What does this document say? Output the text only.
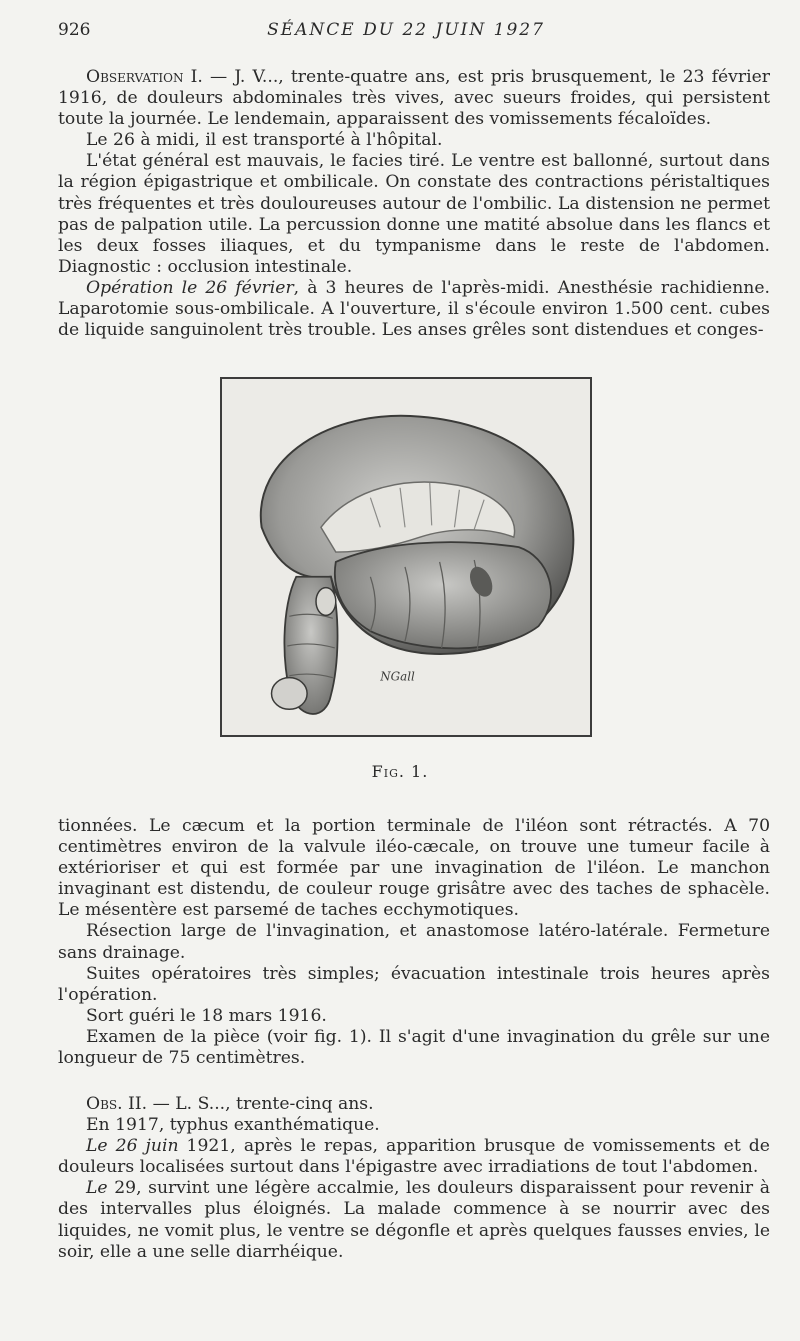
926	SÉANCE DU 22 JUIN 1927

Observation I. — J. V..., trente-quatre ans, est pris brusquement, le 23 février 1916, de douleurs abdominales très vives, avec sueurs froides, qui persistent toute la journée. Le lendemain, apparaissent des vomissements fécaloïdes.

Le 26 à midi, il est transporté à l'hôpital.

L'état général est mauvais, le facies tiré. Le ventre est ballonné, surtout dans la région épigastrique et ombilicale. On constate des contractions péristaltiques très fréquentes et très douloureuses autour de l'ombilic. La distension ne permet pas de palpation utile. La percussion donne une matité absolue dans les flancs et les deux fosses iliaques, et du tympanisme dans le reste de l'abdomen. Diagnostic : occlusion intestinale.

Opération le 26 février, à 3 heures de l'après-midi. Anesthésie rachidienne. Laparotomie sous-ombilicale. A l'ouverture, il s'écoule environ 1.500 cent. cubes de liquide sanguinolent très trouble. Les anses grêles sont distendues et conges-

NGall
Fig. 1.

tionnées. Le cæcum et la portion terminale de l'iléon sont rétractés. A 70 centimètres environ de la valvule iléo-cæcale, on trouve une tumeur facile à extérioriser et qui est formée par une invagination de l'iléon. Le manchon invaginant est distendu, de couleur rouge grisâtre avec des taches de sphacèle. Le mésentère est parsemé de taches ecchymotiques.

Résection large de l'invagination, et anastomose latéro-latérale. Fermeture sans drainage.

Suites opératoires très simples; évacuation intestinale trois heures après l'opération.

Sort guéri le 18 mars 1916.

Examen de la pièce (voir fig. 1). Il s'agit d'une invagination du grêle sur une longueur de 75 centimètres.

Obs. II. — L. S..., trente-cinq ans.

En 1917, typhus exanthématique.

Le 26 juin 1921, après le repas, apparition brusque de vomissements et de douleurs localisées surtout dans l'épigastre avec irradiations de tout l'abdomen.

Le 29, survint une légère accalmie, les douleurs disparaissent pour revenir à des intervalles plus éloignés. La malade commence à se nourrir avec des liquides, ne vomit plus, le ventre se dégonfle et après quelques fausses envies, le soir, elle a une selle diarrhéique.
